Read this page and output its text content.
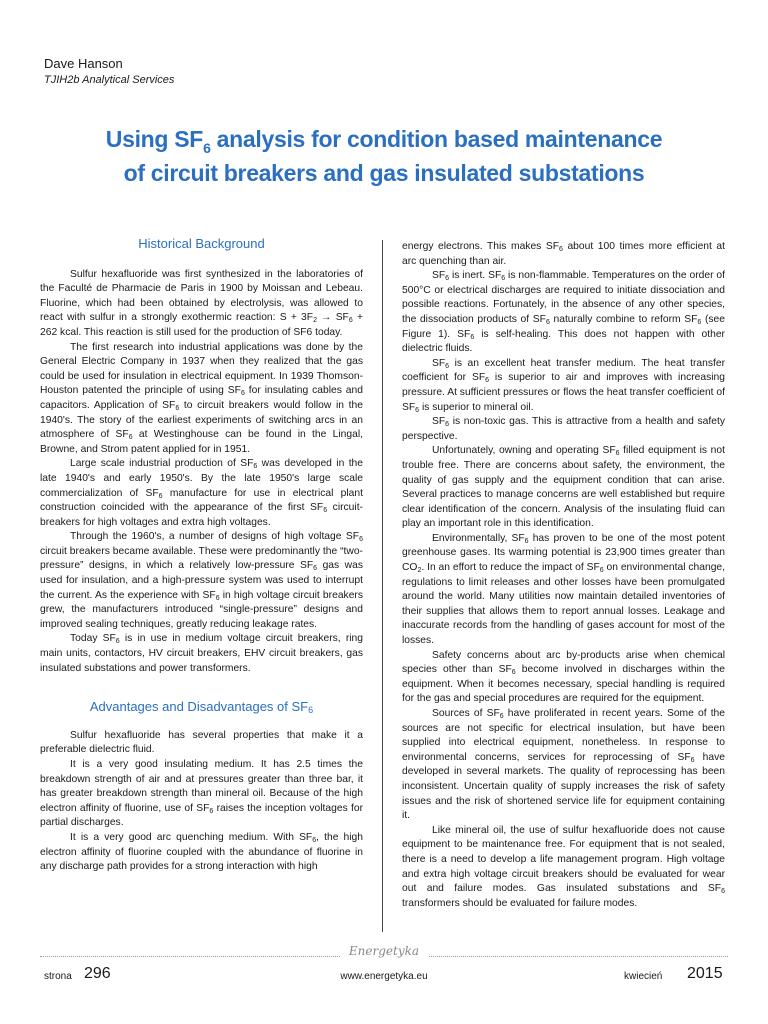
Dave Hanson
TJIH2b Analytical Services
Using $SF_6$ analysis for condition based maintenance
of circuit breakers and gas insulated substations
Historical Background

Sulfur hexafluoride was first synthesized in the laboratories of the Faculté de Pharmacie de Paris in 1900 by Moissan and Lebeau. Fluorine, which had been obtained by electrolysis, was allowed to react with sulfur in a strongly exothermic reaction: $S + 3F_2 \to SF_6 + 262$ kcal. This reaction is still used for the production of SF6 today.

The first research into industrial applications was done by the General Electric Company in 1937 when they realized that the gas could be used for insulation in electrical equipment. In 1939 Thomson-Houston patented the principle of using $SF_6$ for insulating cables and capacitors. Application of $SF_6$ to circuit breakers would follow in the 1940's. The story of the earliest experiments of switching arcs in an atmosphere of $SF_6$ at Westinghouse can be found in the Lingal, Browne, and Strom patent applied for in 1951.

Large scale industrial production of $SF_6$ was developed in the late 1940's and early 1950's. By the late 1950's large scale commercialization of $SF_6$ manufacture for use in electrical plant construction coincided with the appearance of the first $SF_6$ circuit-breakers for high voltages and extra high voltages.

Through the 1960's, a number of designs of high voltage $SF_6$ circuit breakers became available. These were predominantly the “two-pressure” designs, in which a relatively low-pressure $SF_6$ gas was used for insulation, and a high-pressure system was used to interrupt the current. As the experience with $SF_6$ in high voltage circuit breakers grew, the manufacturers introduced “single-pressure” designs and improved sealing techniques, greatly reducing leakage rates.

Today $SF_6$ is in use in medium voltage circuit breakers, ring main units, contactors, HV circuit breakers, EHV circuit breakers, gas insulated substations and power transformers.

Advantages and Disadvantages of $SF_6$

Sulfur hexafluoride has several properties that make it a preferable dielectric fluid.

It is a very good insulating medium. It has 2.5 times the breakdown strength of air and at pressures greater than three bar, it has greater breakdown strength than mineral oil. Because of the high electron affinity of fluorine, use of $SF_6$ raises the inception voltages for partial discharges.

It is a very good arc quenching medium. With $SF_6$, the high electron affinity of fluorine coupled with the abundance of fluorine in any discharge path provides for a strong interaction with high

energy electrons. This makes $SF_6$ about 100 times more efficient at arc quenching than air.

$SF_6$ is inert. $SF_6$ is non-flammable. Temperatures on the order of 500°C or electrical discharges are required to initiate dissociation and possible reactions. Fortunately, in the absence of any other species, the dissociation products of $SF_6$ naturally combine to reform $SF_6$ (see Figure 1). $SF_6$ is self-healing. This does not happen with other dielectric fluids.

$SF_6$ is an excellent heat transfer medium. The heat transfer coefficient for $SF_6$ is superior to air and improves with increasing pressure. At sufficient pressures or flows the heat transfer coefficient of $SF_6$ is superior to mineral oil.

$SF_6$ is non-toxic gas. This is attractive from a health and safety perspective.

Unfortunately, owning and operating $SF_6$ filled equipment is not trouble free. There are concerns about safety, the environment, the quality of gas supply and the equipment condition that can arise. Several practices to manage concerns are well established but require clear identification of the concern. Analysis of the insulating fluid can play an important role in this identification.

Environmentally, $SF_6$ has proven to be one of the most potent greenhouse gases. Its warming potential is 23,900 times greater than $CO_2$. In an effort to reduce the impact of $SF_6$ on environmental change, regulations to limit releases and other losses have been promulgated around the world. Many utilities now maintain detailed inventories of their supplies that allows them to report annual losses. Leakage and inaccurate records from the handling of gases account for most of the losses.

Safety concerns about arc by-products arise when chemical species other than $SF_6$ become involved in discharges within the equipment. When it becomes necessary, special handling is required for the gas and special procedures are required for the equipment.

Sources of $SF_6$ have proliferated in recent years. Some of the sources are not specific for electrical insulation, but have been supplied into electrical equipment, nonetheless. In response to environmental concerns, services for reprocessing of $SF_6$ have developed in several markets. The quality of reprocessing has been inconsistent. Uncertain quality of supply increases the risk of safety issues and the risk of shortened service life for equipment containing it.

Like mineral oil, the use of sulfur hexafluoride does not cause equipment to be maintenance free. For equipment that is not sealed, there is a need to develop a life management program. High voltage and extra high voltage circuit breakers should be evaluated for wear out and failure modes. Gas insulated substations and $SF_6$ transformers should be evaluated for failure modes.

Energetyka
strona 296	www.energetyka.eu	kwiecień 2015
